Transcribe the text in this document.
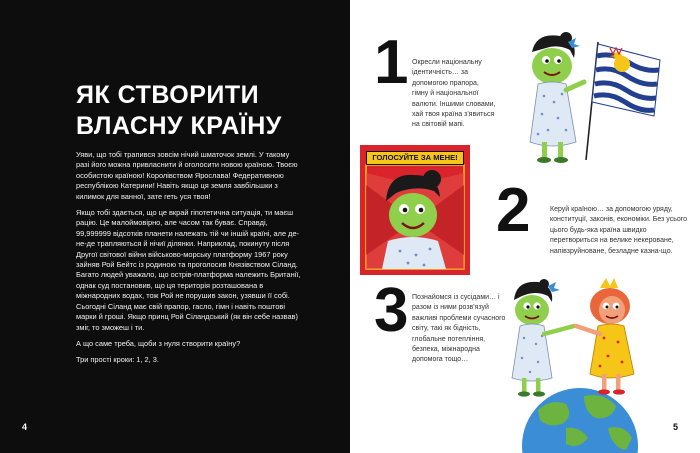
ЯК СТВОРИТИ
ВЛАСНУ КРАЇНУ

Уяви, що тобі трапився зовсім нічий шматочок землі. У такому разі його можна привласнити й оголосити новою країною. Твоєю особистою країною! Королівством Ярослава! Федеративною республікою Катерини! Навіть якщо ця земля завбільшки з килимок для ванної, зате геть уся твоя!

Якщо тобі здається, що це вкрай гіпотетична ситуація, ти маєш рацію. Це малоймовірно, але часом так буває. Справді, 99,999999 відсотків планети належать тій чи іншій країні, але де-не-де трапляються й нічиї ділянки. Наприклад, покинуту після Другої світової війни військово-морську платформу 1967 року зайняв Рой Бейтс із родиною та проголосив Князівством Сіланд. Багато людей уважало, що острів-платформа належить Британії, однак суд постановив, що ця територія розташована в міжнародних водах, тож Рой не порушив закон, узявши її собі. Сьогодні Сіланд має свій прапор, гасло, гімн і навіть поштові марки й гроші. Якщо принц Рой Сіландський (як він себе назвав) зміг, то зможеш і ти.

А що саме треба, щоби з нуля створити країну?

Три прості кроки: 1, 2, 3.

4
1 Окресли національну ідентичність… за допомогою прапора, гімну й національної валюти. Іншими словами, хай твоя країна з'явиться на світовій мапі.
ГОЛОСУЙТЕ ЗА МЕНЕ!
2	Керуй країною… за допомогою уряду, конституції, законів, економіки. Без усього цього будь-яка країна швидко перетвориться на велике некероване, напівзруйноване, безладне казна-що.
3 Познайомся із сусідами… і разом із ними розв'язуй важливі проблеми сучасного світу, такі як бідність, глобальне потепління, безпека, міжнародна допомога тощо…
5
